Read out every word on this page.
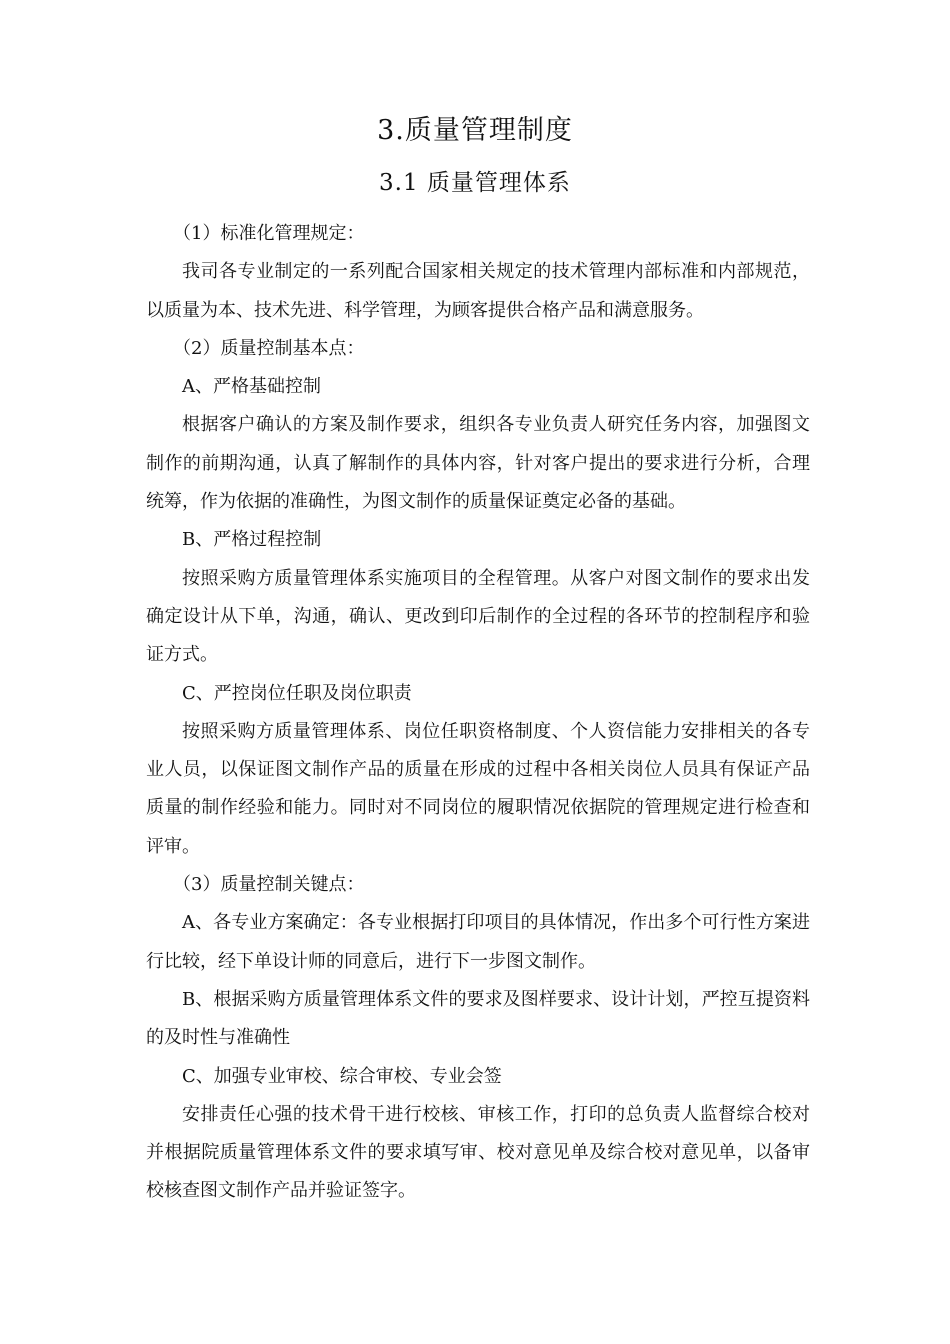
3.质量管理制度
3.1 质量管理体系

（1）标准化管理规定：

我司各专业制定的一系列配合国家相关规定的技术管理内部标准和内部规范，以质量为本、技术先进、科学管理，为顾客提供合格产品和满意服务。

（2）质量控制基本点：

A、严格基础控制

根据客户确认的方案及制作要求，组织各专业负责人研究任务内容，加强图文制作的前期沟通，认真了解制作的具体内容，针对客户提出的要求进行分析，合理统筹，作为依据的准确性，为图文制作的质量保证奠定必备的基础。

B、严格过程控制

按照采购方质量管理体系实施项目的全程管理。从客户对图文制作的要求出发确定设计从下单，沟通，确认、更改到印后制作的全过程的各环节的控制程序和验证方式。

C、严控岗位任职及岗位职责

按照采购方质量管理体系、岗位任职资格制度、个人资信能力安排相关的各专业人员，以保证图文制作产品的质量在形成的过程中各相关岗位人员具有保证产品质量的制作经验和能力。同时对不同岗位的履职情况依据院的管理规定进行检查和评审。

（3）质量控制关键点：

A、各专业方案确定：各专业根据打印项目的具体情况，作出多个可行性方案进行比较，经下单设计师的同意后，进行下一步图文制作。

B、根据采购方质量管理体系文件的要求及图样要求、设计计划，严控互提资料的及时性与准确性

C、加强专业审校、综合审校、专业会签

安排责任心强的技术骨干进行校核、审核工作，打印的总负责人监督综合校对并根据院质量管理体系文件的要求填写审、校对意见单及综合校对意见单，以备审校核查图文制作产品并验证签字。
